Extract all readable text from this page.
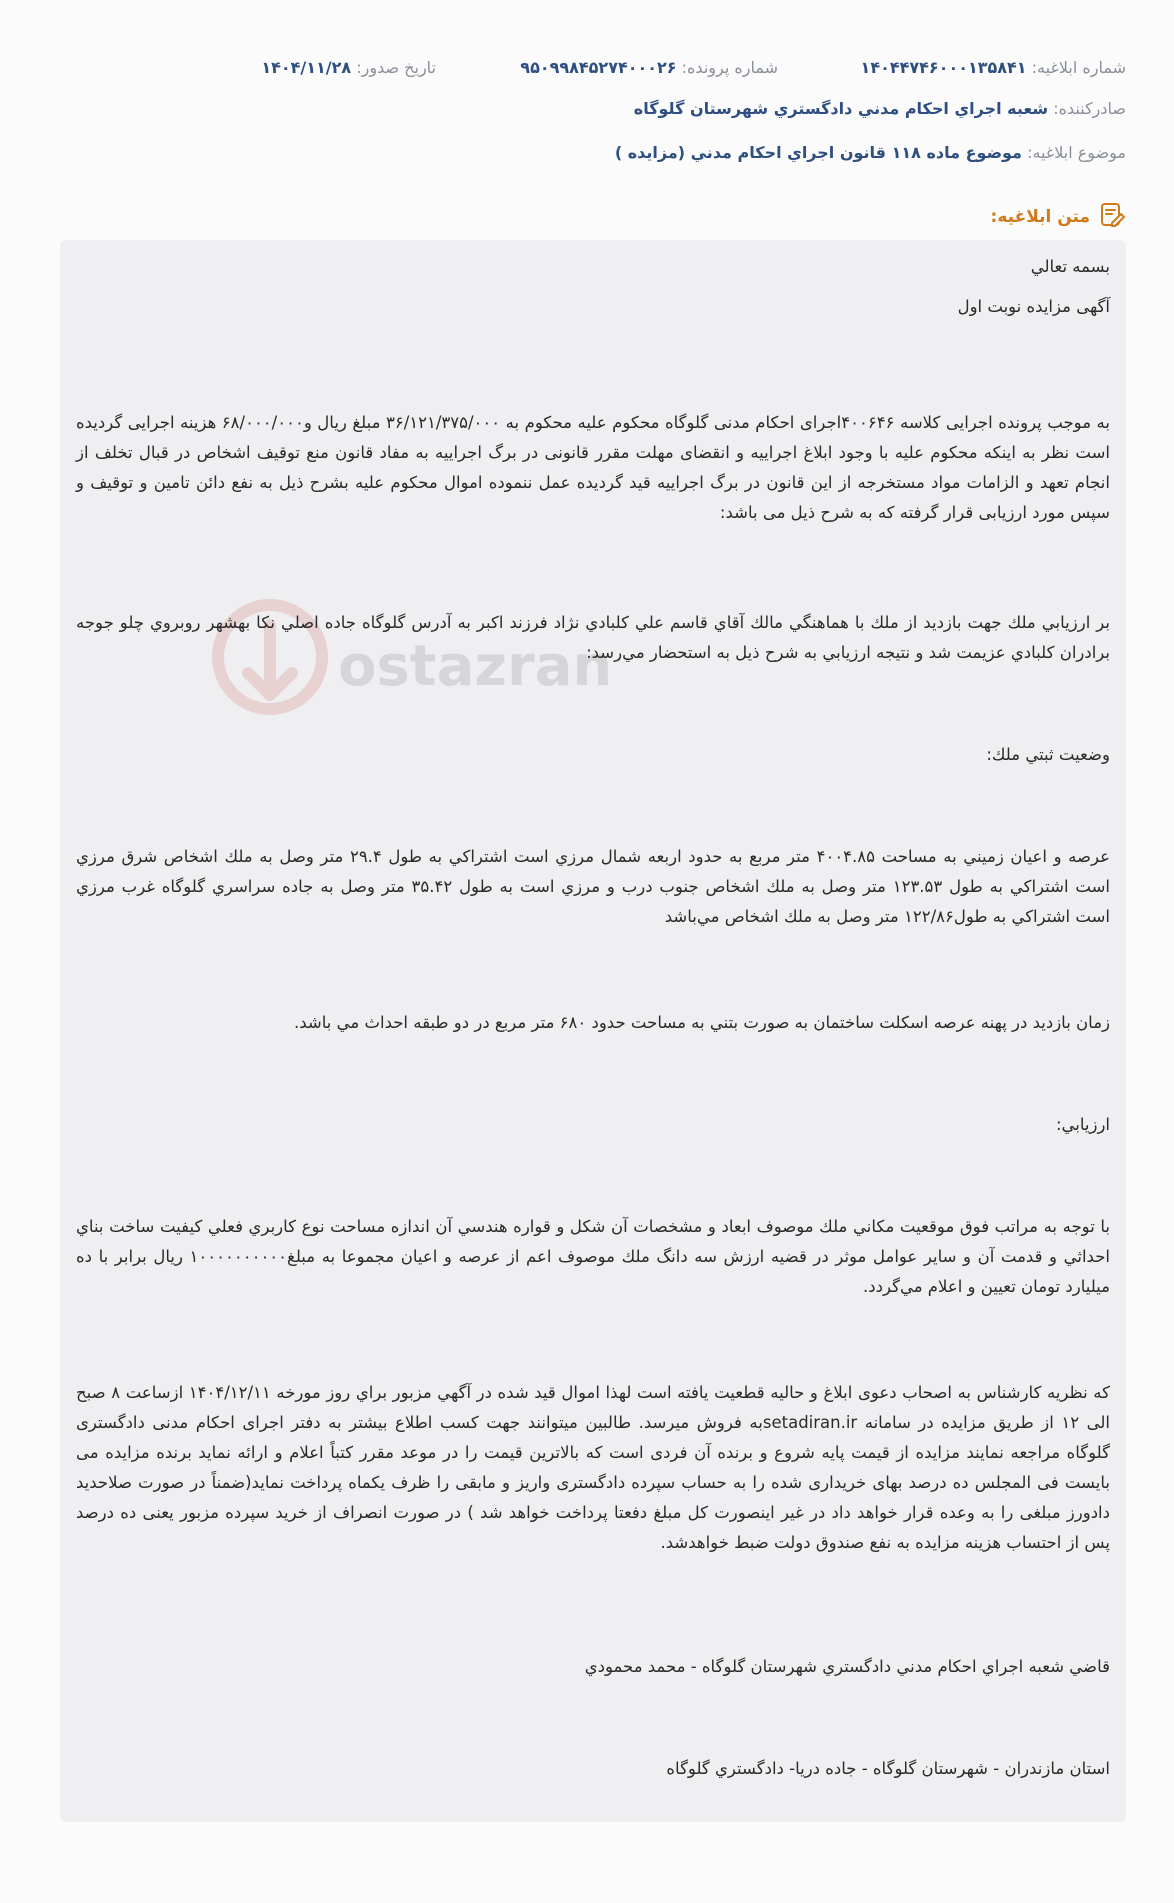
شماره ابلاغیه: ۱۴۰۴۴۷۴۶۰۰۰۱۳۵۸۴۱
شماره پرونده: ۹۵۰۹۹۸۴۵۲۷۴۰۰۰۲۶
تاریخ صدور: ۱۴۰۴/۱۱/۲۸
صادرکننده: شعبه اجراي احكام مدني دادگستري شهرستان گلوگاه
موضوع ابلاغیه: موضوع ماده ۱۱۸ قانون اجراي احكام مدني (مزايده )
متن ابلاغیه:
ostazran
بسمه تعالي
آگهی مزایده نوبت اول
به موجب پرونده اجرایی کلاسه ۴۰۰۶۴۶اجرای احکام مدنی گلوگاه محکوم علیه محکوم به ۳۶/۱۲۱/۳۷۵/۰۰۰ مبلغ ريال و۶۸/۰۰۰/۰۰۰ هزینه اجرایی گردیده است نظر به اینکه محکوم علیه با وجود ابلاغ اجراییه و انقضای مهلت مقرر قانونی در برگ اجراییه به مفاد قانون منع توقیف اشخاص در قبال تخلف از انجام تعهد و الزامات مواد مستخرجه از این قانون در برگ اجراییه قید گردیده عمل ننموده اموال محکوم علیه بشرح ذیل به نفع دائن تامین و توقیف و سپس مورد ارزیابی قرار گرفته که به شرح ذیل می باشد:
بر ارزيابي ملك جهت بازديد از ملك با هماهنگي مالك آقاي قاسم علي كلبادي نژاد فرزند اكبر به آدرس گلوگاه جاده اصلي نكا بهشهر روبروي چلو جوجه برادران كلبادي عزيمت شد و نتيجه ارزيابي به شرح ذيل به استحضار مي‌رسد:
وضعيت ثبتي ملك:
عرصه و اعيان زميني به مساحت ۴۰۰۴.۸۵ متر مربع به حدود اربعه شمال مرزي است اشتراكي به طول ۲۹.۴ متر وصل به ملك اشخاص شرق مرزي است اشتراكي به طول ۱۲۳.۵۳ متر وصل به ملك اشخاص جنوب درب و مرزي است به طول ۳۵.۴۲ متر وصل به جاده سراسري گلوگاه غرب مرزي است اشتراكي به طول۱۲۲/۸۶ متر وصل به ملك اشخاص مي‌باشد
زمان بازديد در پهنه عرصه اسكلت ساختمان به صورت بتني به مساحت حدود ۶۸۰ متر مربع در دو طبقه احداث مي باشد.
ارزيابي:
با توجه به مراتب فوق موقعيت مكاني ملك موصوف ابعاد و مشخصات آن شكل و قواره هندسي آن اندازه مساحت نوع كاربري فعلي كيفيت ساخت بناي احداثي و قدمت آن و ساير عوامل موثر در قضيه ارزش سه دانگ ملك موصوف اعم از عرصه و اعيان مجموعا به مبلغ۱۰۰۰۰۰۰۰۰۰۰ ريال برابر با ده ميليارد تومان تعيين و اعلام مي‌گردد.
كه نظريه كارشناس به اصحاب دعوی ابلاغ و حاليه قطعيت يافته است لهذا اموال قيد شده در آگهي مزبور براي روز مورخه ۱۴۰۴/۱۲/۱۱ ازساعت ۸ صبح الی ۱۲ از طريق مزايده در سامانه setadiran.irبه فروش ميرسد. طالبين ميتوانند جهت كسب اطلاع بيشتر به دفتر اجرای احكام مدنی دادگستری گلوگاه مراجعه نمايند مزايده از قيمت پايه شروع و برنده آن فردی است كه بالاترين قيمت را در موعد مقرر كتباً اعلام و ارائه نمايد برنده مزايده می بايست فی المجلس ده درصد بهای خريداری شده را به حساب سپرده دادگستری واريز و مابقی را ظرف يكماه پرداخت نمايد(ضمناً در صورت صلاحديد دادورز مبلغی را به وعده قرار خواهد داد در غير اينصورت كل مبلغ دفعتا پرداخت خواهد شد ) در صورت انصراف از خريد سپرده مزبور يعنی ده درصد پس از احتساب هزينه مزايده به نفع صندوق دولت ضبط خواهدشد.
قاضي شعبه اجراي احكام مدني دادگستري شهرستان گلوگاه - محمد محمودي
استان مازندران - شهرستان گلوگاه - جاده دريا- دادگستري گلوگاه
